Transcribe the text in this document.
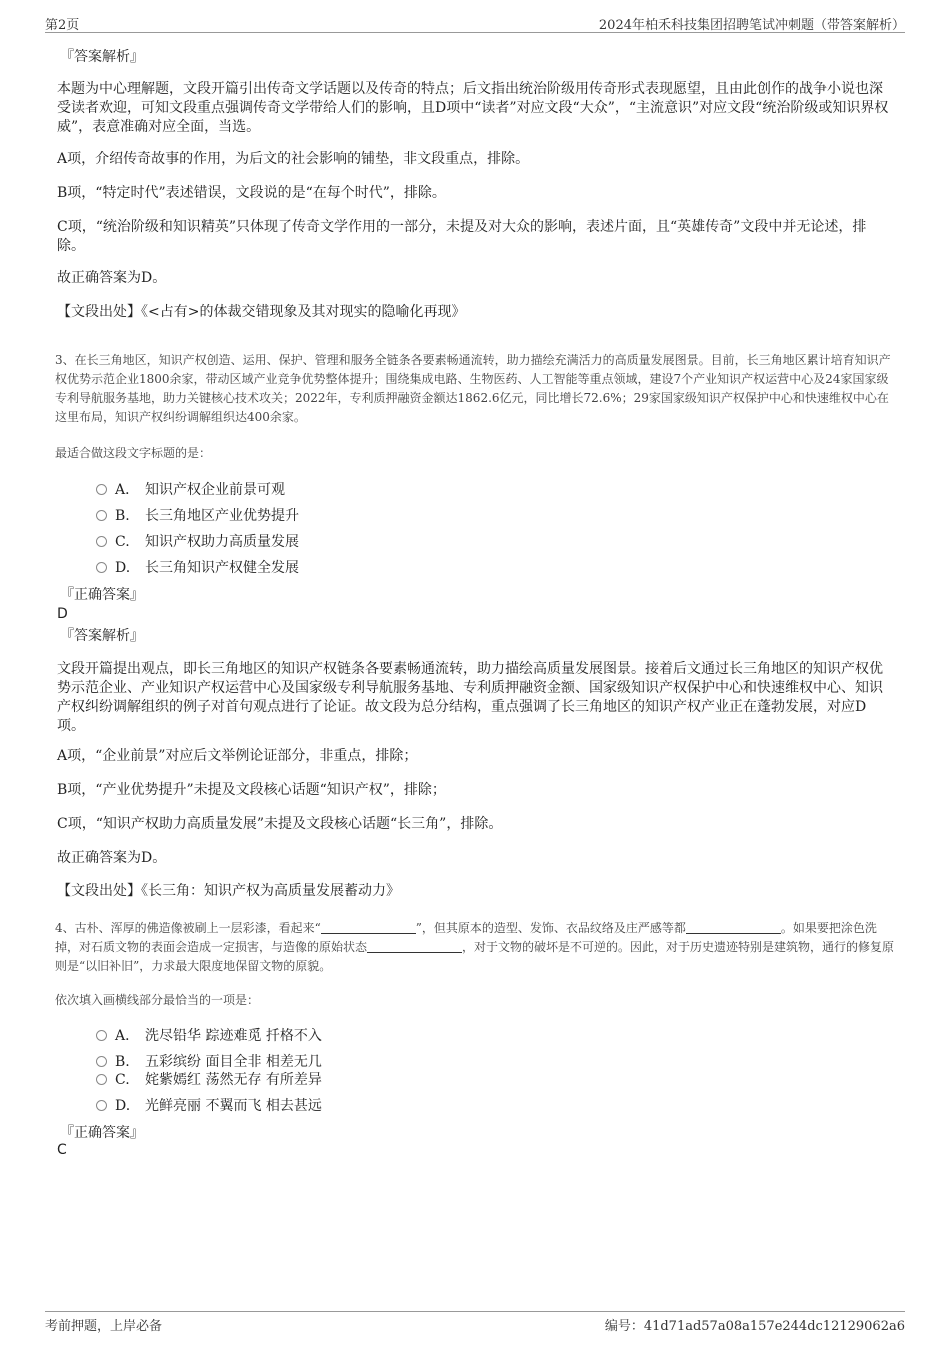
第2页	2024年柏禾科技集团招聘笔试冲刺题（带答案解析）
『答案解析』
本题为中心理解题，文段开篇引出传奇文学话题以及传奇的特点；后文指出统治阶级用传奇形式表现愿望，且由此创作的战争小说也深受读者欢迎，可知文段重点强调传奇文学带给人们的影响，且D项中“读者”对应文段“大众”，“主流意识”对应文段“统治阶级或知识界权威”，表意准确对应全面，当选。
A项，介绍传奇故事的作用，为后文的社会影响的铺垫，非文段重点，排除。
B项，“特定时代”表述错误，文段说的是“在每个时代”，排除。
C项，“统治阶级和知识精英”只体现了传奇文学作用的一部分，未提及对大众的影响，表述片面，且“英雄传奇”文段中并无论述，排除。
故正确答案为D。
【文段出处】《<占有>的体裁交错现象及其对现实的隐喻化再现》
3、在长三角地区，知识产权创造、运用、保护、管理和服务全链条各要素畅通流转，助力描绘充满活力的高质量发展图景。目前，长三角地区累计培育知识产权优势示范企业1800余家，带动区域产业竞争优势整体提升；围绕集成电路、生物医药、人工智能等重点领域，建设7个产业知识产权运营中心及24家国家级专利导航服务基地，助力关键核心技术攻关；2022年，专利质押融资金额达1862.6亿元，同比增长72.6%；29家国家级知识产权保护中心和快速维权中心在这里布局，知识产权纠纷调解组织达400余家。
最适合做这段文字标题的是：
A． 知识产权企业前景可观
B. 长三角地区产业优势提升
C. 知识产权助力高质量发展
D. 长三角知识产权健全发展
『正确答案』
D
『答案解析』
文段开篇提出观点，即长三角地区的知识产权链条各要素畅通流转，助力描绘高质量发展图景。接着后文通过长三角地区的知识产权优势示范企业、产业知识产权运营中心及国家级专利导航服务基地、专利质押融资金额、国家级知识产权保护中心和快速维权中心、知识产权纠纷调解组织的例子对首句观点进行了论证。故文段为总分结构，重点强调了长三角地区的知识产权产业正在蓬勃发展，对应D项。
A项，“企业前景”对应后文举例论证部分，非重点，排除；
B项，“产业优势提升”未提及文段核心话题“知识产权”，排除；
C项，“知识产权助力高质量发展”未提及文段核心话题“长三角”，排除。
故正确答案为D。
【文段出处】《长三角：知识产权为高质量发展蓄动力》
4、古朴、浑厚的佛造像被刷上一层彩漆，看起来“	”，但其原本的造型、发饰、衣品纹络及庄严感等都	。如果要把涂色洗掉，对石质文物的表面会造成一定损害，与造像的原始状态	，对于文物的破坏是不可逆的。因此，对于历史遗迹特别是建筑物，通行的修复原则是“以旧补旧”，力求最大限度地保留文物的原貌。
依次填入画横线部分最恰当的一项是：
A． 洗尽铅华 踪迹难觅 扦格不入
B. 五彩缤纷 面目全非 相差无几
C. 姹紫嫣红 荡然无存 有所差异
D. 光鲜亮丽 不翼而飞 相去甚远
『正确答案』
C
考前押题，上岸必备	编号：41d71ad57a08a157e244dc12129062a6
